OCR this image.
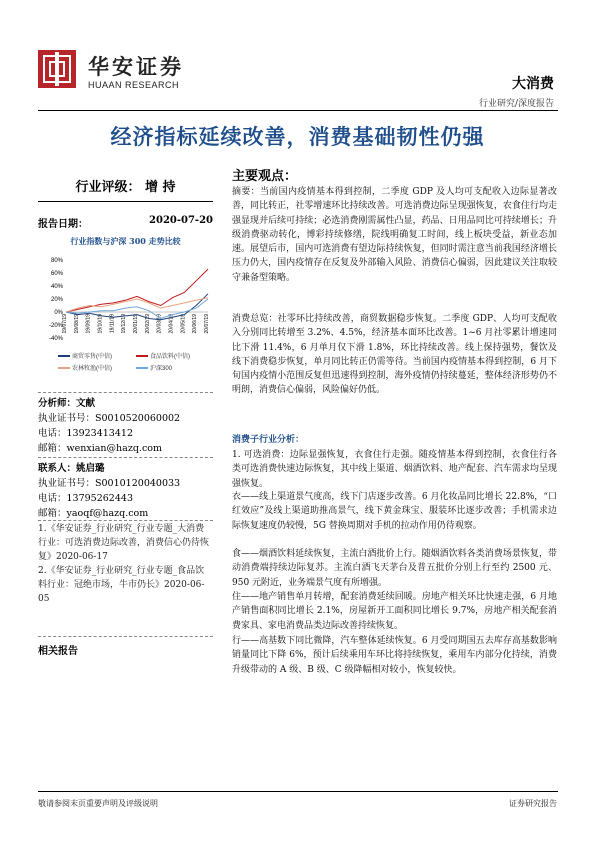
华安证券
HUAAN RESEARCH	大消费
行业研究/深度报告
经济指标延续改善，消费基础韧性仍强
行业评级： 增 持
报告日期：	2020-07-20
行业指数与沪深 300 走势比较
80%
60%
40%
20%
0%
-20%
-40%
19/07/19 19/08/19 19/09/19 19/10/19 19/11/19 19/12/19 20/01/19 20/02/19 20/03/19 20/04/19 20/05/19 20/06/19 20/07/19
商贸零售(中信)	食品饮料(中信)
农林牧渔(中信)	沪深300
分析师：文献
执业证书号：S0010520060002
电话：13923413412
邮箱：wenxian@hazq.com
联系人：姚启璐
执业证书号：S0010120040033
电话：13795262443
邮箱：yaoqf@hazq.com
1.《华安证券_行业研究_行业专题_大消费行业：可选消费边际改善，消费信心仍待恢复》2020-06-17
2.《华安证券_行业研究_行业专题_食品饮料行业：冠绝市场，牛市仍长》2020-06-05
相关报告
主要观点：
摘要：当前国内疫情基本得到控制，二季度 GDP 及人均可支配收入边际显著改善，同比转正，社零增速环比持续改善。可选消费边际呈现强恢复，农食住行均走强显现并后续可持续；必选消费刚需属性凸显，药品、日用品同比可持续增长；升级消费驱动转化，博彩持续修缮，院线明确复工时间，线上板块受益，新业态加速。展望后市，国内可选消费有望边际持续恢复，但同时需注意当前我国经济增长压力仍大，国内疫情存在反复及外部输入风险、消费信心偏弱，因此建议关注取较守兼备型策略。
消费总览：社零环比持续改善，商贸数据稳步恢复。二季度 GDP、人均可支配收入分别同比转增至 3.2%、4.5%，经济基本面环比改善。1~6 月社零累计增速同比下滑 11.4%，6 月单月仅下滑 1.8%，环比持续改善。线上保持强势，餐饮及线下消费稳步恢复，单月同比转正仍需等待。当前国内疫情基本得到控制，6 月下旬国内疫情小范围反复但迅速得到控制，海外疫情仍持续蔓延，整体经济形势仍不明朗，消费信心偏弱，风险偏好仍低。
消费子行业分析：
1. 可选消费：边际显强恢复，衣食住行走强。随疫情基本得到控制，衣食住行各类可选消费快速边际恢复，其中线上渠道、烟酒饮料、地产配套、汽车需求均呈现强恢复。
衣——线上渠道景气度高，线下门店逐步改善。6 月化妆品同比增长 22.8%，“口红效应”及线上渠道助推高景气，线下黄金珠宝、服装环比逐步改善；手机需求边际恢复速度仍较慢，5G 替换周期对手机的拉动作用仍待观察。
食——烟酒饮料延续恢复，主流白酒批价上行。随烟酒饮料各类消费场景恢复，带动消费端持续边际复苏。主流白酒飞天茅台及普五批价分别上行至约 2500 元、950 元附近，业务端景气度有所增强。
住——地产销售单月转增，配套消费延续回暖。房地产相关环比快速走强，6 月地产销售面积同比增长 2.1%，房屋新开工面积同比增长 9.7%，房地产相关配套消费家具、家电消费品类边际改善持续恢复。
行——高基数下同比微降，汽车整体延续恢复。6 月受同期国五去库存高基数影响销量同比下降 6%，预计后续乘用车环比将持续恢复，乘用车内部分化持续，消费升级带动的 A 级、B 级、C 级降幅相对较小，恢复较快。
敬请参阅末页重要声明及评级说明	证券研究报告
